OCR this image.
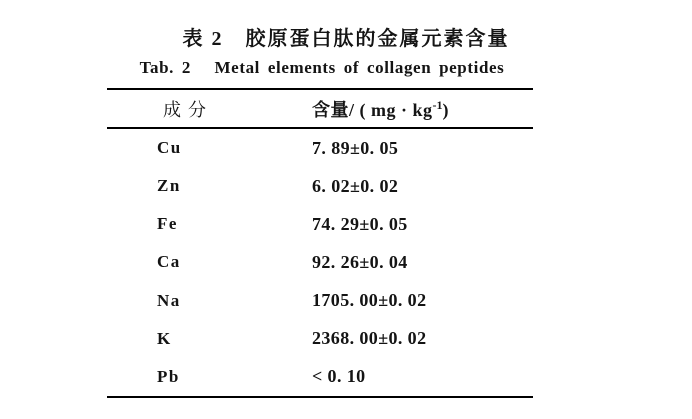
表 2　胶原蛋白肽的金属元素含量
Tab. 2   Metal elements of collagen peptides
成分	含量/ ( mg · $kg^{-1}$)
Cu	7. 89±0. 05
Zn	6. 02±0. 02
Fe	74. 29±0. 05
Ca	92. 26±0. 04
Na	1705. 00±0. 02
K	2368. 00±0. 02
Pb	< 0. 10
